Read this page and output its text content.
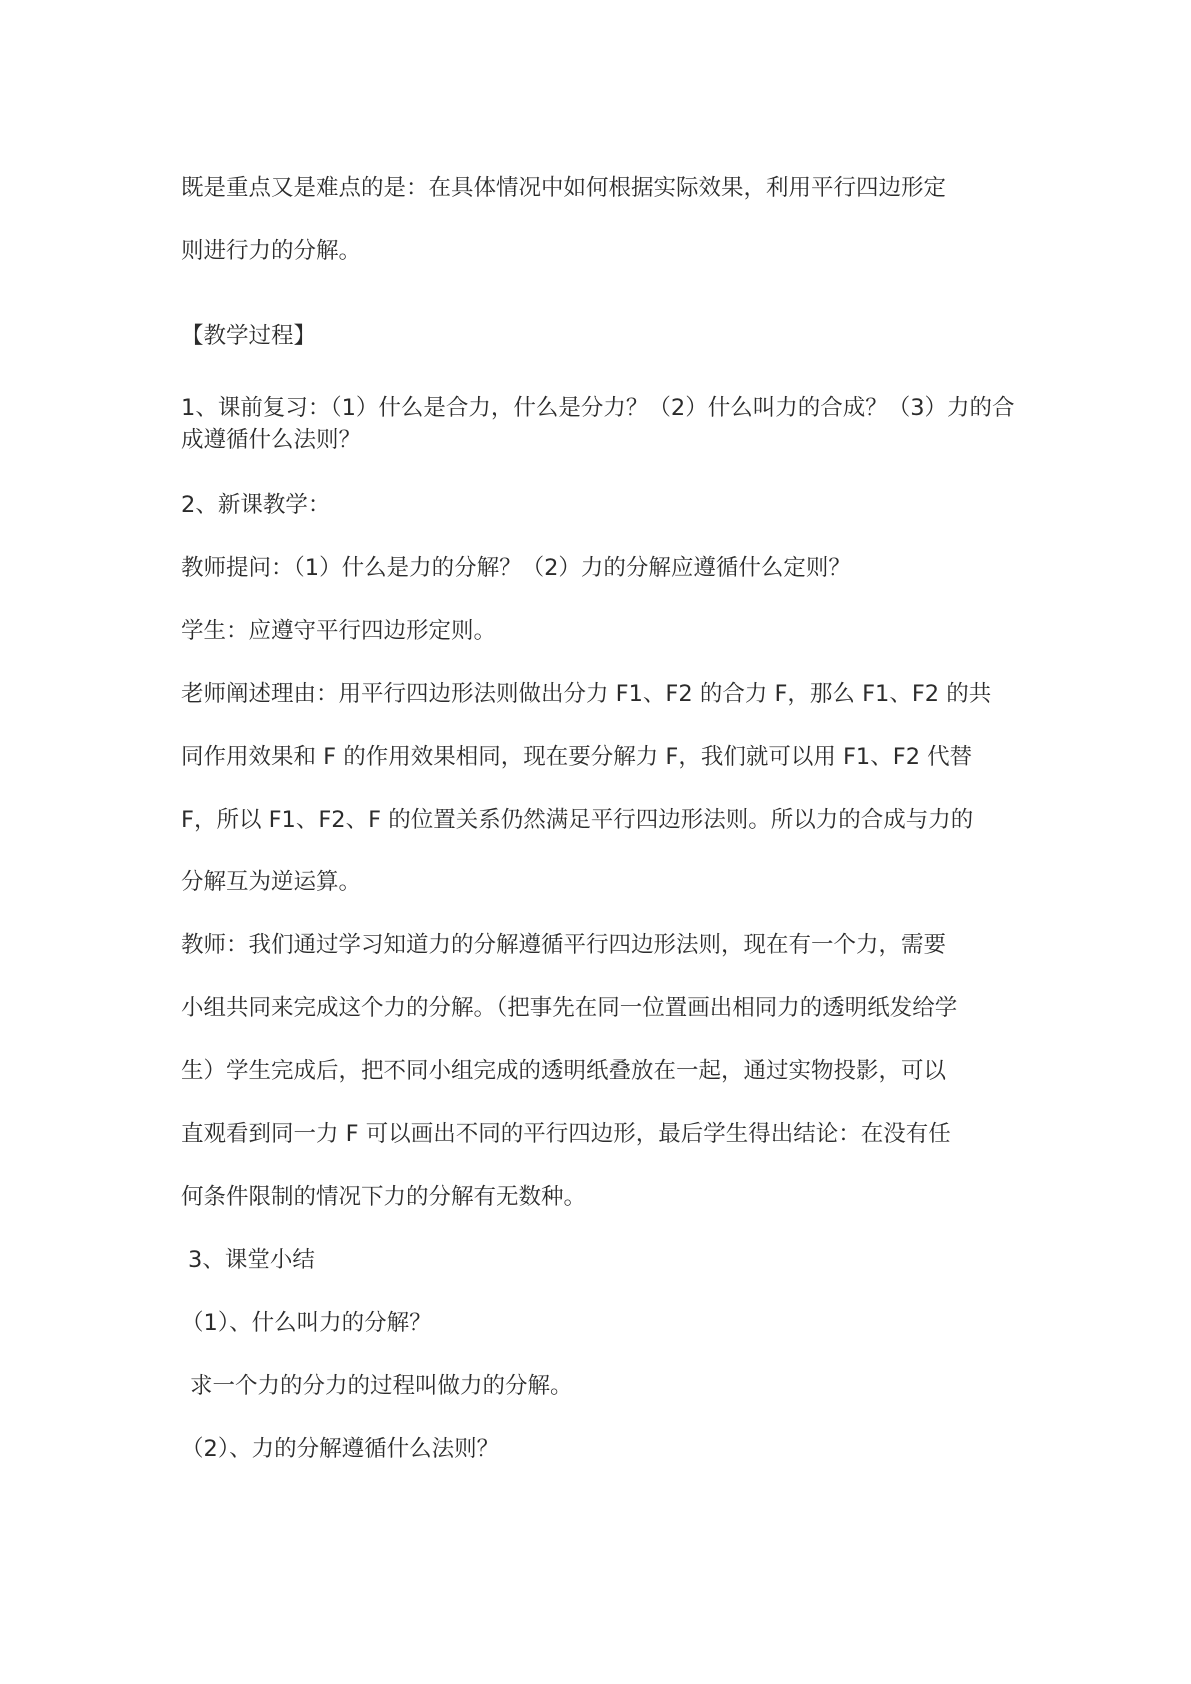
既是重点又是难点的是：在具体情况中如何根据实际效果，利用平行四边形定
则进行力的分解。
【教学过程】
1、课前复习：（1）什么是合力，什么是分力？（2）什么叫力的合成？（3）力的合成遵循什么法则？
2、新课教学：
教师提问：（1）什么是力的分解？（2）力的分解应遵循什么定则？
学生：应遵守平行四边形定则。
老师阐述理由：用平行四边形法则做出分力 F1、F2 的合力 F，那么 F1、F2 的共
同作用效果和 F 的作用效果相同，现在要分解力 F，我们就可以用 F1、F2 代替
F，所以 F1、F2、F 的位置关系仍然满足平行四边形法则。所以力的合成与力的
分解互为逆运算。
教师：我们通过学习知道力的分解遵循平行四边形法则，现在有一个力，需要
小组共同来完成这个力的分解。（把事先在同一位置画出相同力的透明纸发给学
生）学生完成后，把不同小组完成的透明纸叠放在一起，通过实物投影，可以
直观看到同一力 F 可以画出不同的平行四边形，最后学生得出结论：在没有任
何条件限制的情况下力的分解有无数种。
3、课堂小结
（1）、什么叫力的分解？
求一个力的分力的过程叫做力的分解。
（2）、力的分解遵循什么法则？
